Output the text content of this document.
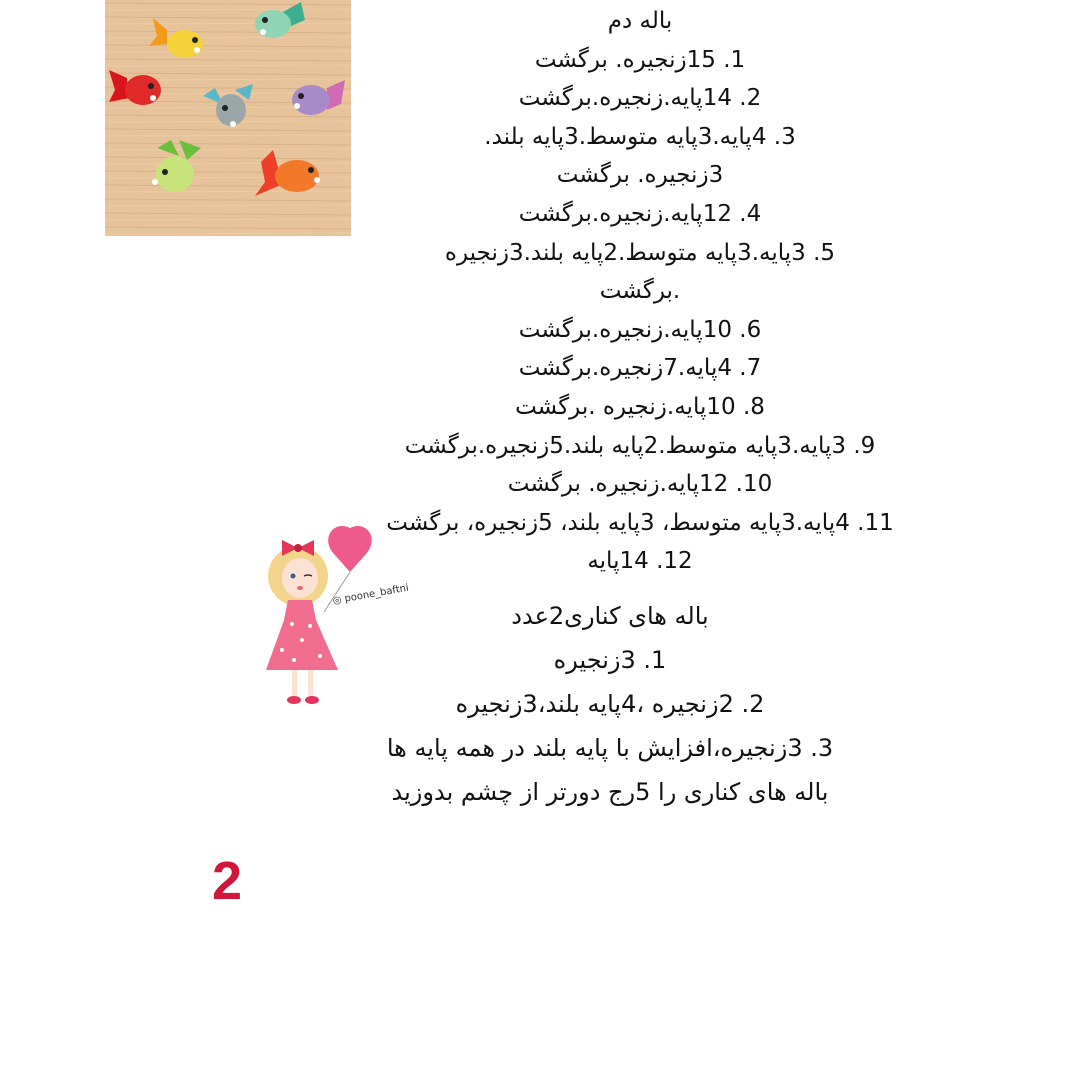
باله دم
1. 15زنجیره. برگشت
2. 14پایه.زنجیره.برگشت
3. 4پایه.3پایه متوسط.3پایه بلند.
3زنجیره. برگشت
4. 12پایه.زنجیره.برگشت
5. 3پایه.3پایه متوسط.2پایه بلند.3زنجیره
.برگشت
6. 10پایه.زنجیره.برگشت
7. 4پایه.7زنجیره.برگشت
8. 10پایه.زنجیره .برگشت
9. 3پایه.3پایه متوسط.2پایه بلند.5زنجیره.برگشت
10. 12پایه.زنجیره. برگشت
11. 4پایه.3پایه متوسط، 3پایه بلند، 5زنجیره، برگشت
12. 14پایه
باله های کناری2عدد
1. 3زنجیره
2. 2زنجیره ،4پایه بلند،3زنجیره
3. 3زنجیره،افزایش با پایه بلند در همه پایه ها
باله های کناری را 5رج دورتر از چشم بدوزید
◎ poone_baftni
2
